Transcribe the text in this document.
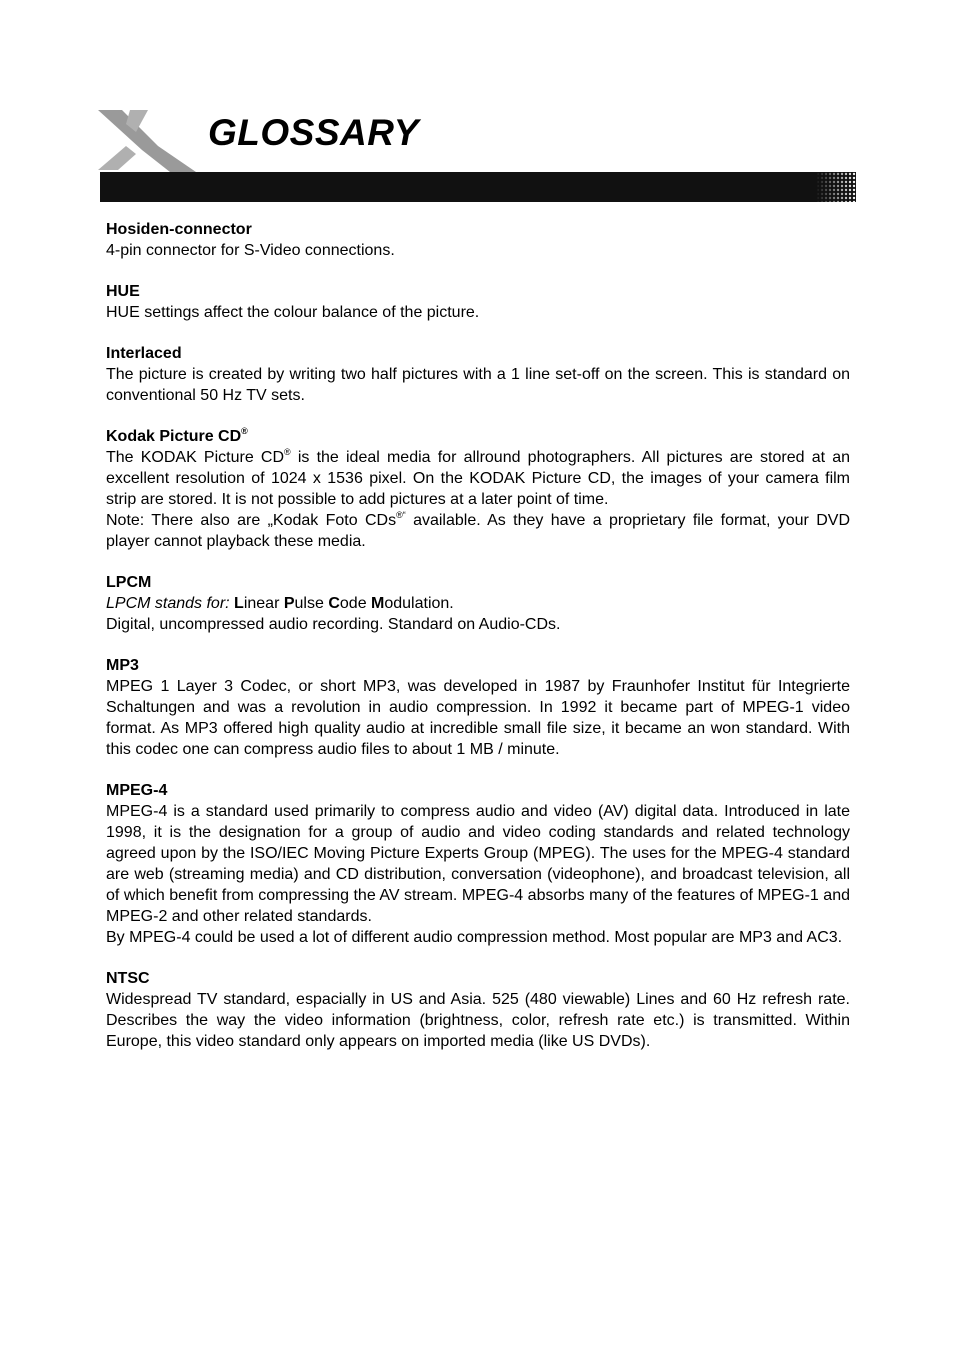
GLOSSARY
Hosiden-connector

4-pin connector for S-Video connections.

HUE

HUE settings affect the colour balance of the picture.

Interlaced

The picture is created by writing two half pictures with a 1 line set-off on the screen. This is standard on conventional 50 Hz TV sets.

Kodak Picture CD®

The KODAK Picture CD® is the ideal media for allround photographers. All pictures are stored at an excellent resolution of 1024 x 1536 pixel. On the KODAK Picture CD, the images of your camera film strip are stored. It is not possible to add pictures at a later point of time.

Note: There also are „Kodak Foto CDs®“ available. As they have a proprietary file format, your DVD player cannot playback these media.

LPCM

LPCM stands for: Linear Pulse Code Modulation.

Digital, uncompressed audio recording. Standard on Audio-CDs.

MP3

MPEG 1 Layer 3 Codec, or short MP3, was developed in 1987 by Fraunhofer Institut für Integrierte Schaltungen and was a revolution in audio compression. In 1992 it became part of MPEG-1 video format. As MP3 offered high quality audio at incredible small file size, it became an won standard. With this codec one can compress audio files to about 1 MB / minute.

MPEG-4

MPEG-4 is a standard used primarily to compress audio and video (AV) digital data. Introduced in late 1998, it is the designation for a group of audio and video coding standards and related technology agreed upon by the ISO/IEC Moving Picture Experts Group (MPEG). The uses for the MPEG-4 standard are web (streaming media) and CD distribution, conversation (videophone), and broadcast television, all of which benefit from compressing the AV stream. MPEG-4 absorbs many of the features of MPEG-1 and MPEG-2 and other related standards.

By MPEG-4 could be used a lot of different audio compression method. Most popular are MP3 and AC3.

NTSC

Widespread TV standard, espacially in US and Asia. 525 (480 viewable) Lines and 60 Hz refresh rate. Describes the way the video information (brightness, color, refresh rate etc.) is transmitted. Within Europe, this video standard only appears on imported media (like US DVDs).
